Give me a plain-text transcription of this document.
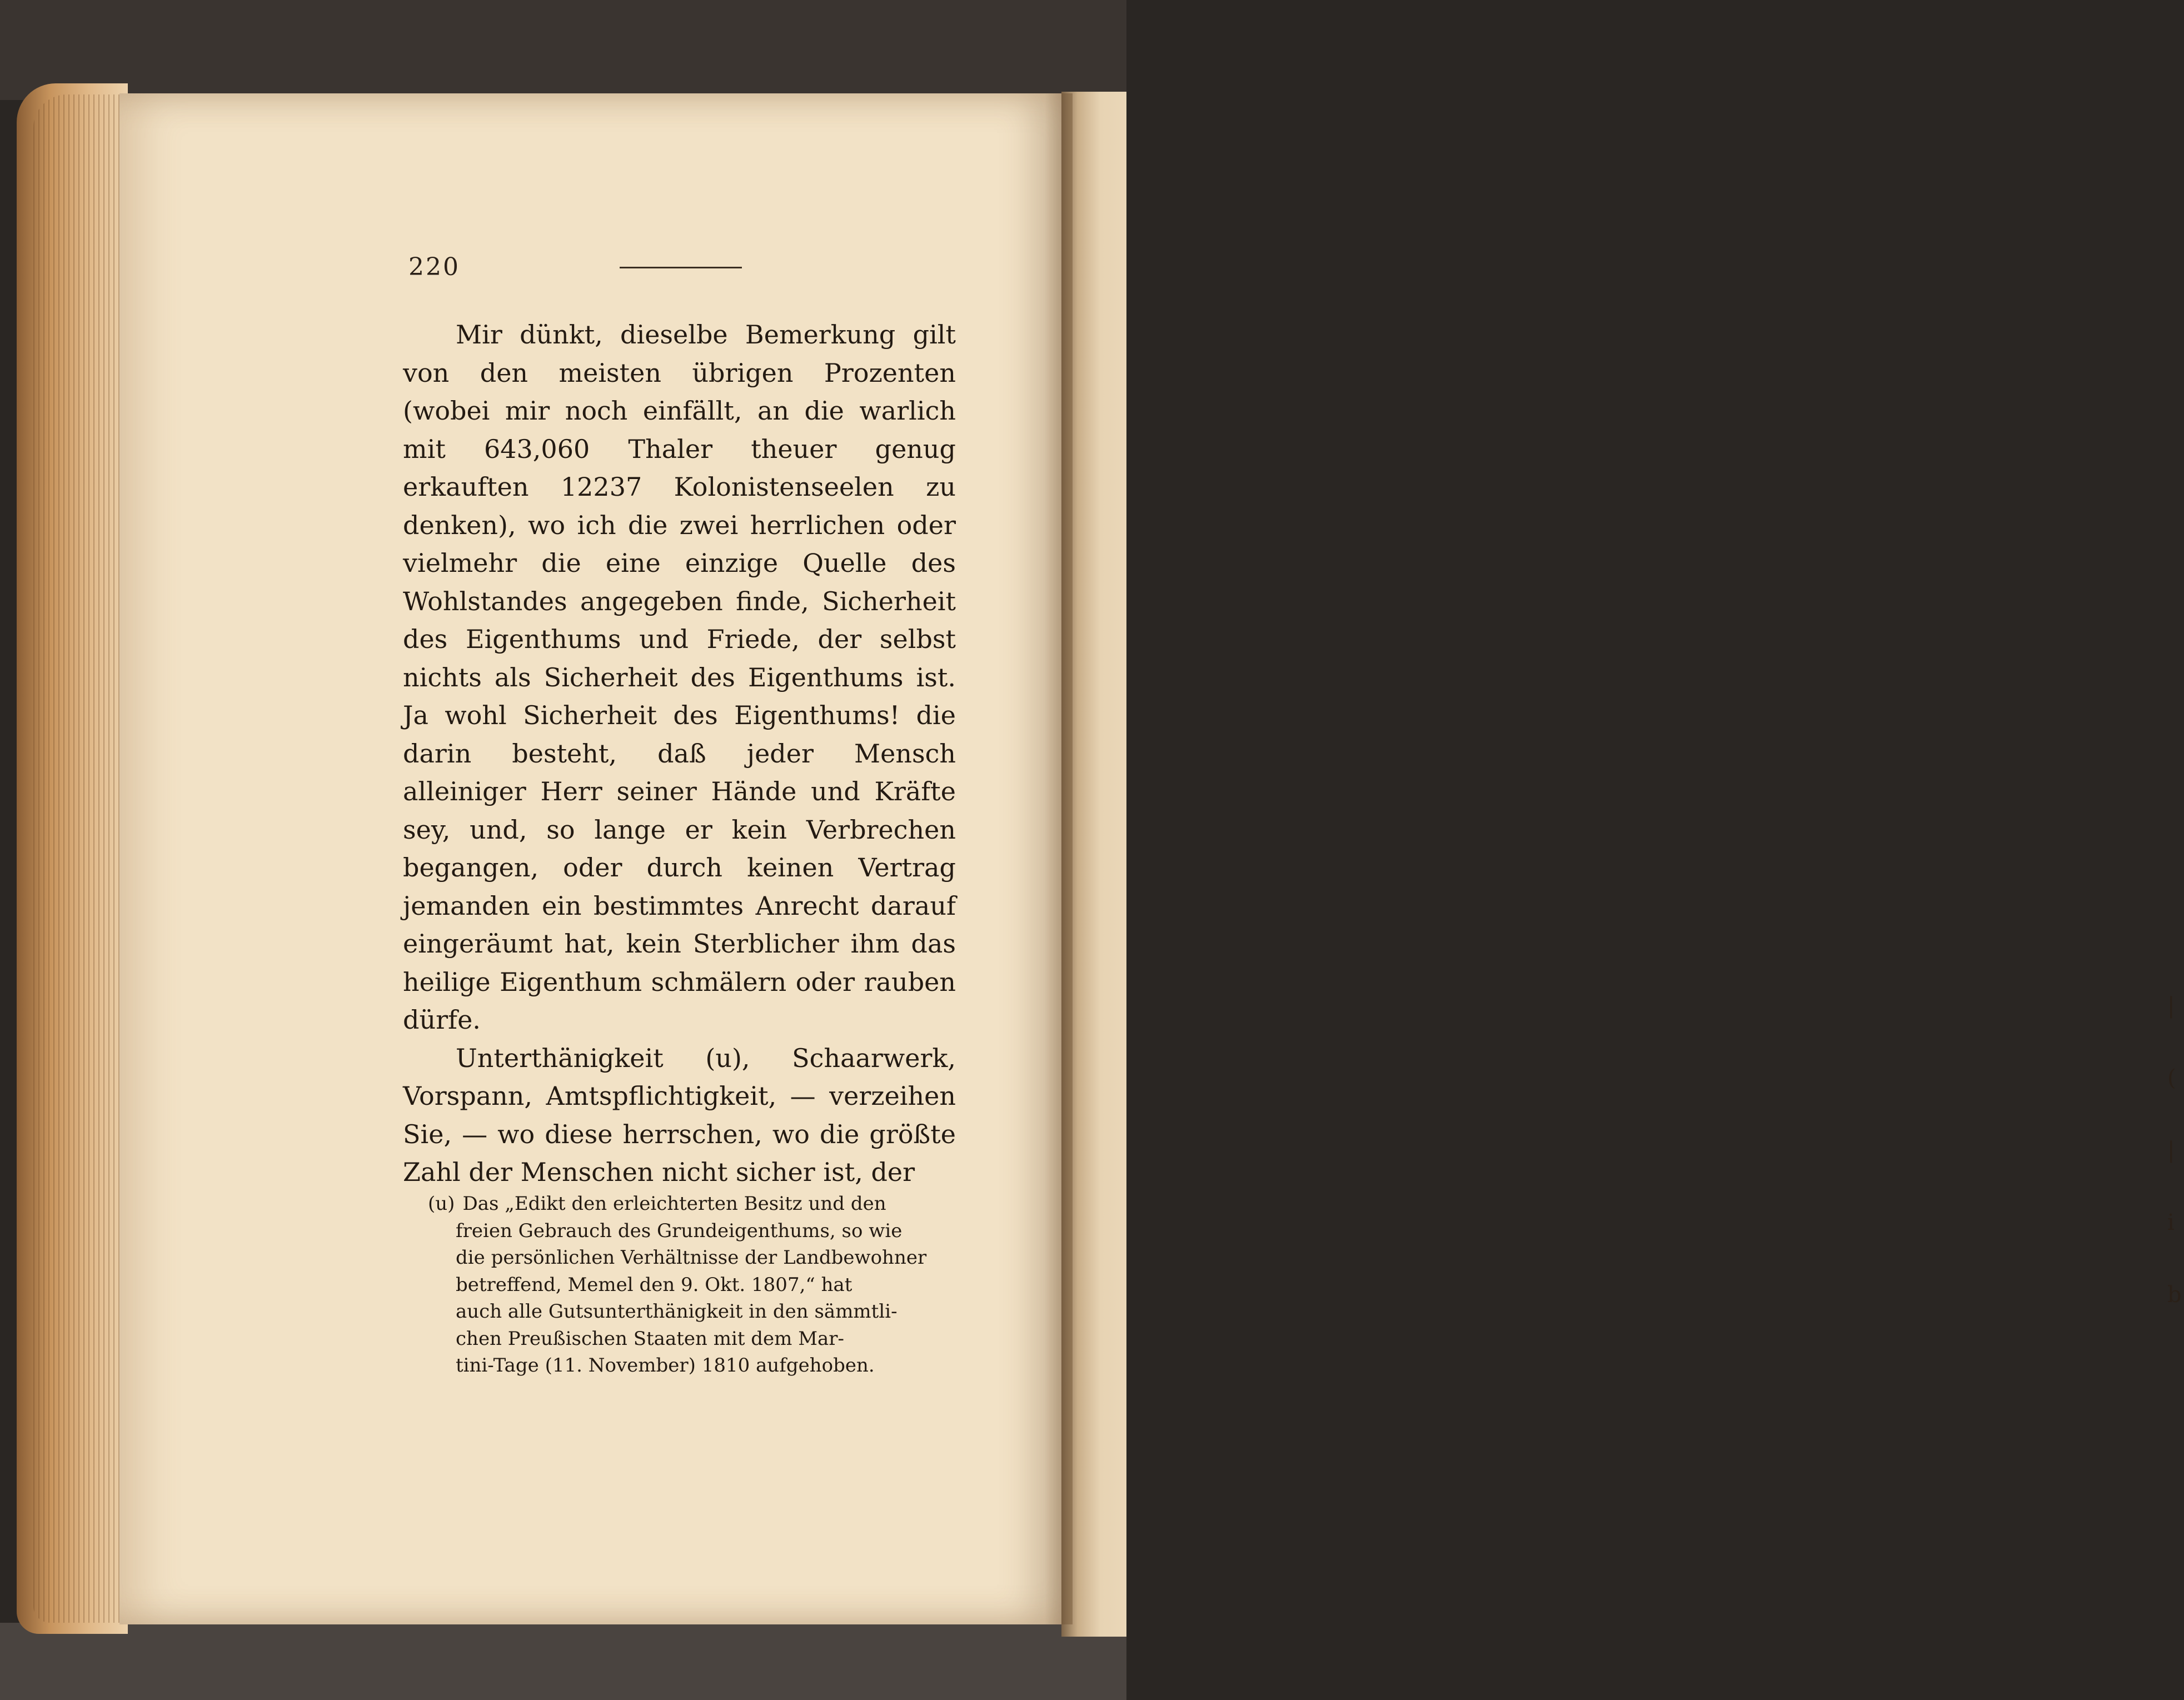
|
(
|
i
b
220

Mir dünkt, dieselbe Bemerkung gilt von den meisten übrigen Prozenten (wobei mir noch einfällt, an die warlich mit 643,060 Thaler theuer genug erkauften 12237 Kolonistenseelen zu denken), wo ich die zwei herrlichen oder vielmehr die eine einzige Quelle des Wohlstandes angegeben finde, Sicherheit des Eigenthums und Friede, der selbst nichts als Sicherheit des Eigenthums ist. Ja wohl Sicherheit des Eigenthums! die darin besteht, daß jeder Mensch alleiniger Herr seiner Hände und Kräfte sey, und, so lange er kein Verbrechen begangen, oder durch keinen Vertrag jemanden ein bestimmtes Anrecht darauf eingeräumt hat, kein Sterblicher ihm das heilige Eigenthum schmälern oder rauben dürfe.

Unterthänigkeit (u), Schaarwerk, Vorspann, Amtspflichtigkeit, — verzeihen Sie, — wo diese herrschen, wo die größte Zahl der Menschen nicht sicher ist, der

(u) Das „Edikt den erleichterten Besitz und den
freien Gebrauch des Grundeigenthums, so wie
die persönlichen Verhältnisse der Landbewohner
betreffend, Memel den 9. Okt. 1807,“ hat
auch alle Gutsunterthänigkeit in den sämmtli-
chen Preußischen Staaten mit dem Mar-
tini-Tage (11. November) 1810 aufgehoben.
